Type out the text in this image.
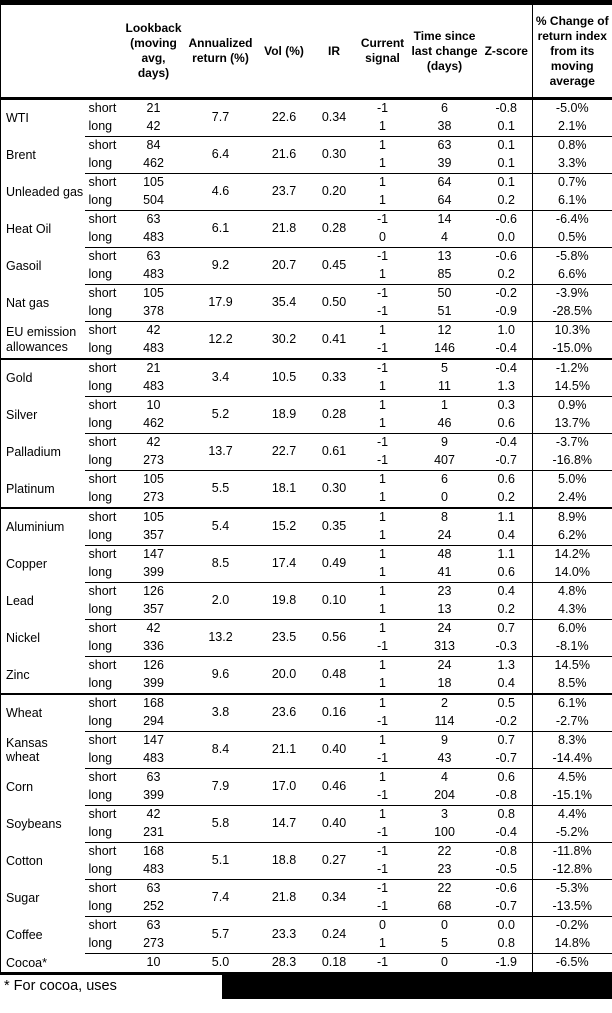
		Lookback (moving avg, days)	Annualized return (%)	Vol (%)	IR	Current signal	Time since last change (days)	Z-score	% Change of return index from its moving average
WTI	short	21	7.7	22.6	0.34	-1	6	-0.8	-5.0%
	long	42				1	38	0.1	2.1%
Brent	short	84	6.4	21.6	0.30	1	63	0.1	0.8%
	long	462				1	39	0.1	3.3%
Unleaded gas	short	105	4.6	23.7	0.20	1	64	0.1	0.7%
	long	504				1	64	0.2	6.1%
Heat Oil	short	63	6.1	21.8	0.28	-1	14	-0.6	-6.4%
	long	483				0	4	0.0	0.5%
Gasoil	short	63	9.2	20.7	0.45	-1	13	-0.6	-5.8%
	long	483				1	85	0.2	6.6%
Nat gas	short	105	17.9	35.4	0.50	-1	50	-0.2	-3.9%
	long	378				-1	51	-0.9	-28.5%
EU emission allowances	short	42	12.2	30.2	0.41	1	12	1.0	10.3%
	long	483				-1	146	-0.4	-15.0%
Gold	short	21	3.4	10.5	0.33	-1	5	-0.4	-1.2%
	long	483				1	11	1.3	14.5%
Silver	short	10	5.2	18.9	0.28	1	1	0.3	0.9%
	long	462				1	46	0.6	13.7%
Palladium	short	42	13.7	22.7	0.61	-1	9	-0.4	-3.7%
	long	273				-1	407	-0.7	-16.8%
Platinum	short	105	5.5	18.1	0.30	1	6	0.6	5.0%
	long	273				1	0	0.2	2.4%
Aluminium	short	105	5.4	15.2	0.35	1	8	1.1	8.9%
	long	357				1	24	0.4	6.2%
Copper	short	147	8.5	17.4	0.49	1	48	1.1	14.2%
	long	399				1	41	0.6	14.0%
Lead	short	126	2.0	19.8	0.10	1	23	0.4	4.8%
	long	357				1	13	0.2	4.3%
Nickel	short	42	13.2	23.5	0.56	1	24	0.7	6.0%
	long	336				-1	313	-0.3	-8.1%
Zinc	short	126	9.6	20.0	0.48	1	24	1.3	14.5%
	long	399				1	18	0.4	8.5%
Wheat	short	168	3.8	23.6	0.16	1	2	0.5	6.1%
	long	294				-1	114	-0.2	-2.7%
Kansas wheat	short	147	8.4	21.1	0.40	1	9	0.7	8.3%
	long	483				-1	43	-0.7	-14.4%
Corn	short	63	7.9	17.0	0.46	1	4	0.6	4.5%
	long	399				-1	204	-0.8	-15.1%
Soybeans	short	42	5.8	14.7	0.40	1	3	0.8	4.4%
	long	231				-1	100	-0.4	-5.2%
Cotton	short	168	5.1	18.8	0.27	-1	22	-0.8	-11.8%
	long	483				-1	23	-0.5	-12.8%
Sugar	short	63	7.4	21.8	0.34	-1	22	-0.6	-5.3%
	long	252				-1	68	-0.7	-13.5%
Coffee	short	63	5.7	23.3	0.24	0	0	0.0	-0.2%
	long	273				1	5	0.8	14.8%
Cocoa*		10	5.0	28.3	0.18	-1	0	-1.9	-6.5%
* For cocoa, uses
